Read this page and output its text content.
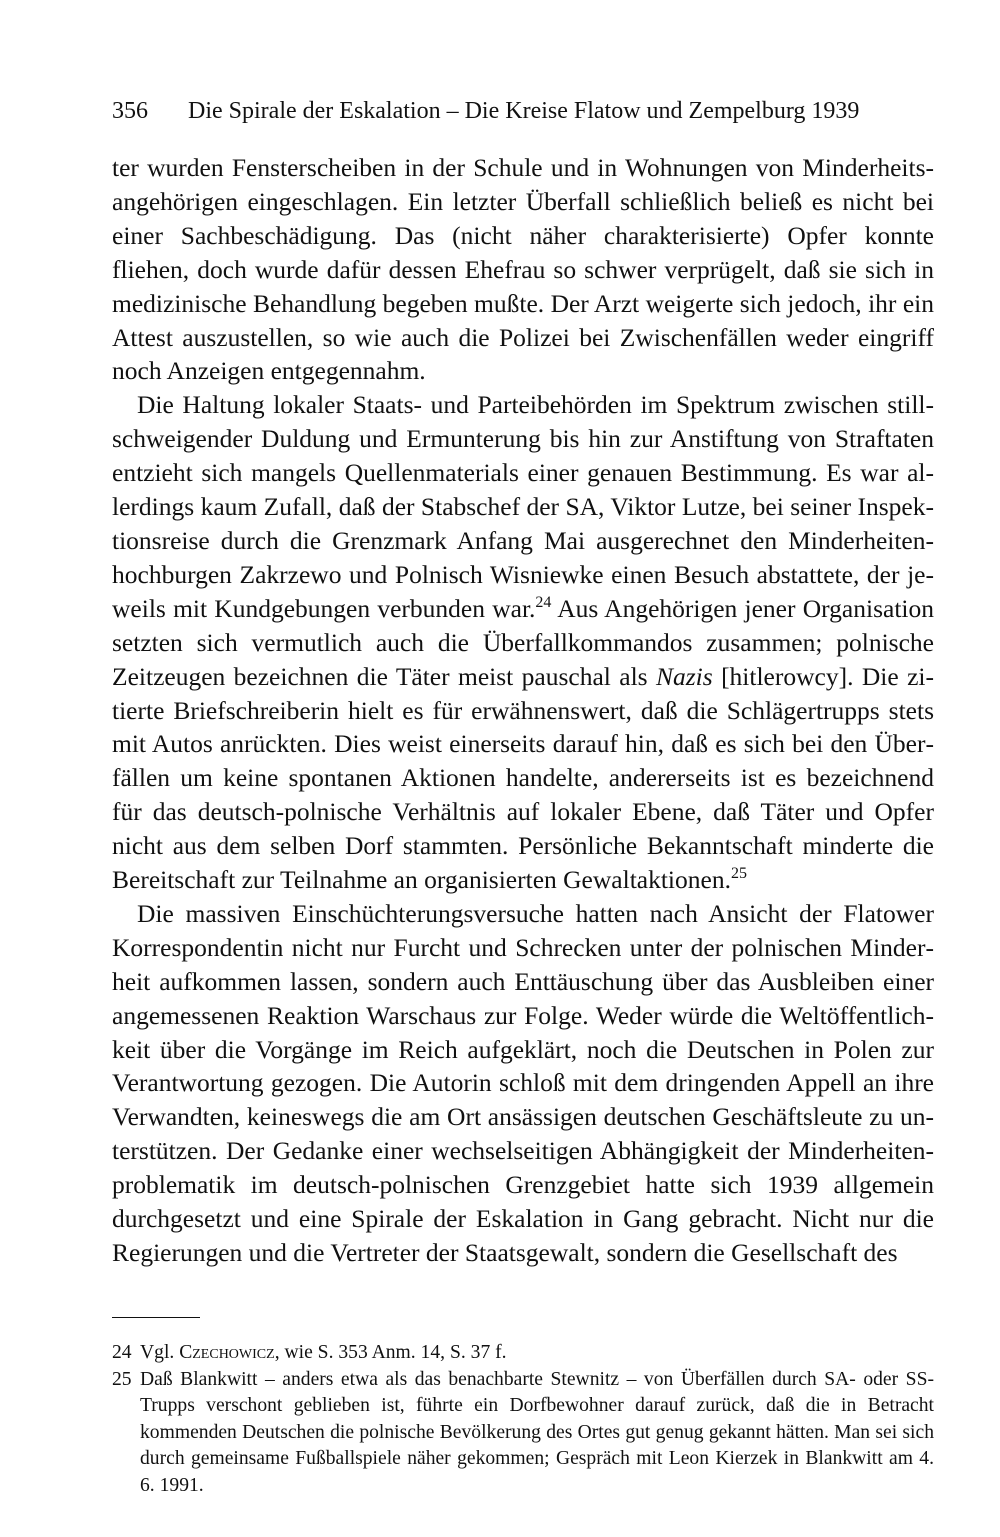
356 Die Spirale der Eskalation – Die Kreise Flatow und Zempelburg 1939

ter wurden Fensterscheiben in der Schule und in Wohnungen von Minderheitsangehörigen eingeschlagen. Ein letzter Überfall schließlich beließ es nicht bei einer Sachbeschädigung. Das (nicht näher charakterisierte) Opfer konnte fliehen, doch wurde dafür dessen Ehefrau so schwer verprügelt, daß sie sich in medizinische Behandlung begeben mußte. Der Arzt weigerte sich jedoch, ihr ein Attest auszustellen, so wie auch die Polizei bei Zwischenfällen weder eingriff noch Anzeigen entgegennahm.

Die Haltung lokaler Staats- und Parteibehörden im Spektrum zwischen stillschweigender Duldung und Ermunterung bis hin zur Anstiftung von Straftaten entzieht sich mangels Quellenmaterials einer genauen Bestimmung. Es war allerdings kaum Zufall, daß der Stabschef der SA, Viktor Lutze, bei seiner Inspektionsreise durch die Grenzmark Anfang Mai ausgerechnet den Minderheitenhochburgen Zakrzewo und Polnisch Wisniewke einen Besuch abstattete, der jeweils mit Kundgebungen verbunden war.$^{24}$ Aus Angehörigen jener Organisation setzten sich vermutlich auch die Überfallkommandos zusammen; polnische Zeitzeugen bezeichnen die Täter meist pauschal als Nazis [hitlerowcy]. Die zitierte Briefschreiberin hielt es für erwähnenswert, daß die Schlägertrupps stets mit Autos anrückten. Dies weist einerseits darauf hin, daß es sich bei den Überfällen um keine spontanen Aktionen handelte, andererseits ist es bezeichnend für das deutsch-polnische Verhältnis auf lokaler Ebene, daß Täter und Opfer nicht aus dem selben Dorf stammten. Persönliche Bekanntschaft minderte die Bereitschaft zur Teilnahme an organisierten Gewaltaktionen.$^{25}$

Die massiven Einschüchterungsversuche hatten nach Ansicht der Flatower Korrespondentin nicht nur Furcht und Schrecken unter der polnischen Minderheit aufkommen lassen, sondern auch Enttäuschung über das Ausbleiben einer angemessenen Reaktion Warschaus zur Folge. Weder würde die Weltöffentlichkeit über die Vorgänge im Reich aufgeklärt, noch die Deutschen in Polen zur Verantwortung gezogen. Die Autorin schloß mit dem dringenden Appell an ihre Verwandten, keineswegs die am Ort ansässigen deutschen Geschäftsleute zu unterstützen. Der Gedanke einer wechselseitigen Abhängigkeit der Minderheitenproblematik im deutsch-polnischen Grenzgebiet hatte sich 1939 allgemein durchgesetzt und eine Spirale der Eskalation in Gang gebracht. Nicht nur die Regierungen und die Vertreter der Staatsgewalt, sondern die Gesellschaft des

24 Vgl. Czechowicz, wie S. 353 Anm. 14, S. 37 f.
25 Daß Blankwitt – anders etwa als das benachbarte Stewnitz – von Überfällen durch SA- oder SS-Trupps verschont geblieben ist, führte ein Dorfbewohner darauf zurück, daß die in Betracht kommenden Deutschen die polnische Bevölkerung des Ortes gut genug gekannt hätten. Man sei sich durch gemeinsame Fußballspiele näher gekommen; Gespräch mit Leon Kierzek in Blankwitt am 4. 6. 1991.
